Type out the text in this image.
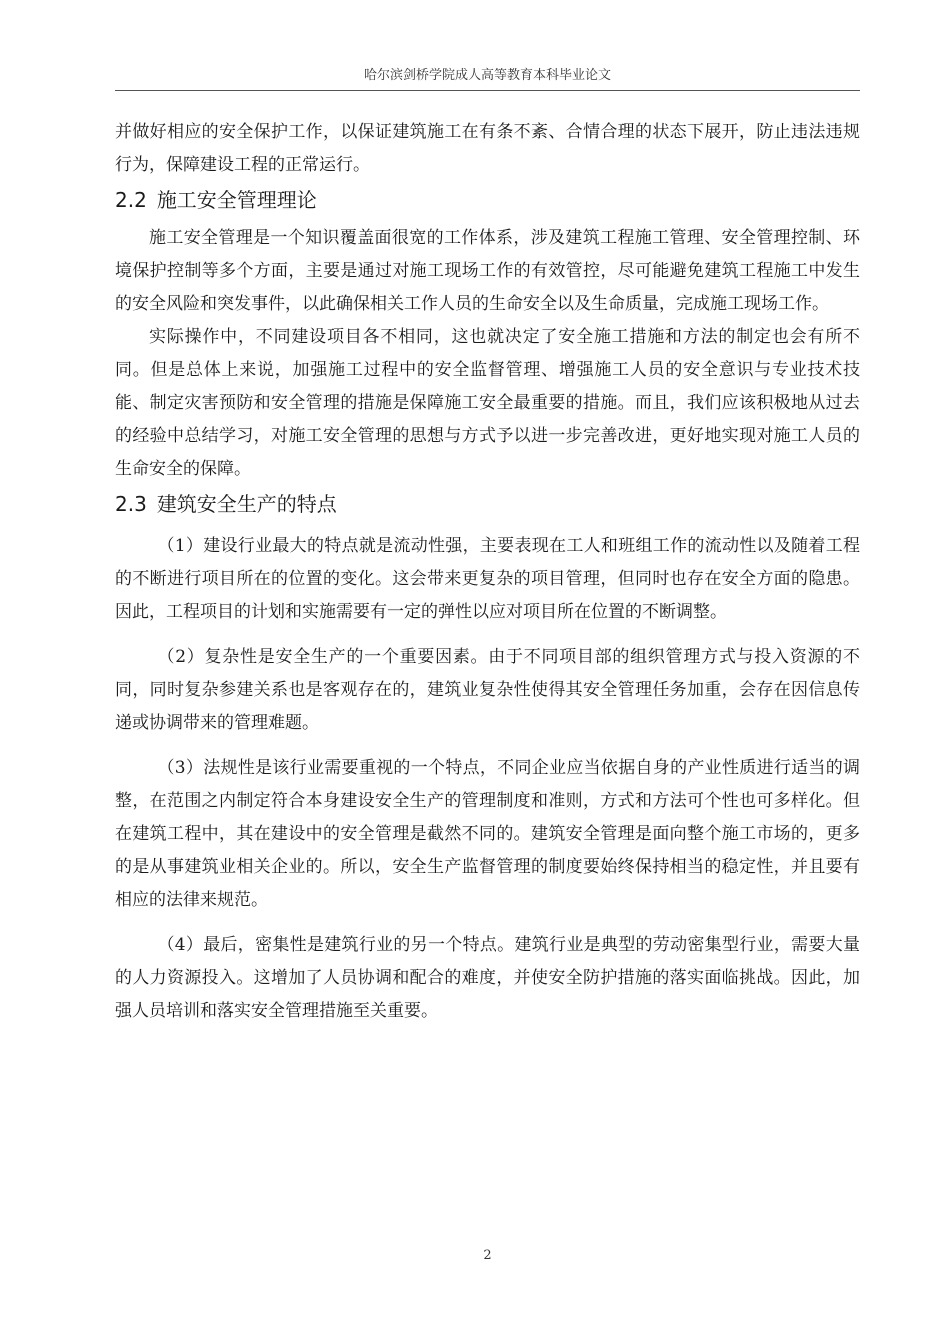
哈尔滨剑桥学院成人高等教育本科毕业论文

并做好相应的安全保护工作，以保证建筑施工在有条不紊、合情合理的状态下展开，防止违法违规行为，保障建设工程的正常运行。

2.2 施工安全管理理论

施工安全管理是一个知识覆盖面很宽的工作体系，涉及建筑工程施工管理、安全管理控制、环境保护控制等多个方面，主要是通过对施工现场工作的有效管控，尽可能避免建筑工程施工中发生的安全风险和突发事件，以此确保相关工作人员的生命安全以及生命质量，完成施工现场工作。

实际操作中，不同建设项目各不相同，这也就决定了安全施工措施和方法的制定也会有所不同。但是总体上来说，加强施工过程中的安全监督管理、增强施工人员的安全意识与专业技术技能、制定灾害预防和安全管理的措施是保障施工安全最重要的措施。而且，我们应该积极地从过去的经验中总结学习，对施工安全管理的思想与方式予以进一步完善改进，更好地实现对施工人员的生命安全的保障。

2.3 建筑安全生产的特点

（1）建设行业最大的特点就是流动性强，主要表现在工人和班组工作的流动性以及随着工程的不断进行项目所在的位置的变化。这会带来更复杂的项目管理，但同时也存在安全方面的隐患。因此，工程项目的计划和实施需要有一定的弹性以应对项目所在位置的不断调整。

（2）复杂性是安全生产的一个重要因素。由于不同项目部的组织管理方式与投入资源的不同，同时复杂参建关系也是客观存在的，建筑业复杂性使得其安全管理任务加重，会存在因信息传递或协调带来的管理难题。

（3）法规性是该行业需要重视的一个特点，不同企业应当依据自身的产业性质进行适当的调整，在范围之内制定符合本身建设安全生产的管理制度和准则，方式和方法可个性也可多样化。但在建筑工程中，其在建设中的安全管理是截然不同的。建筑安全管理是面向整个施工市场的，更多的是从事建筑业相关企业的。所以，安全生产监督管理的制度要始终保持相当的稳定性，并且要有相应的法律来规范。

（4）最后，密集性是建筑行业的另一个特点。建筑行业是典型的劳动密集型行业，需要大量的人力资源投入。这增加了人员协调和配合的难度，并使安全防护措施的落实面临挑战。因此，加强人员培训和落实安全管理措施至关重要。

2
